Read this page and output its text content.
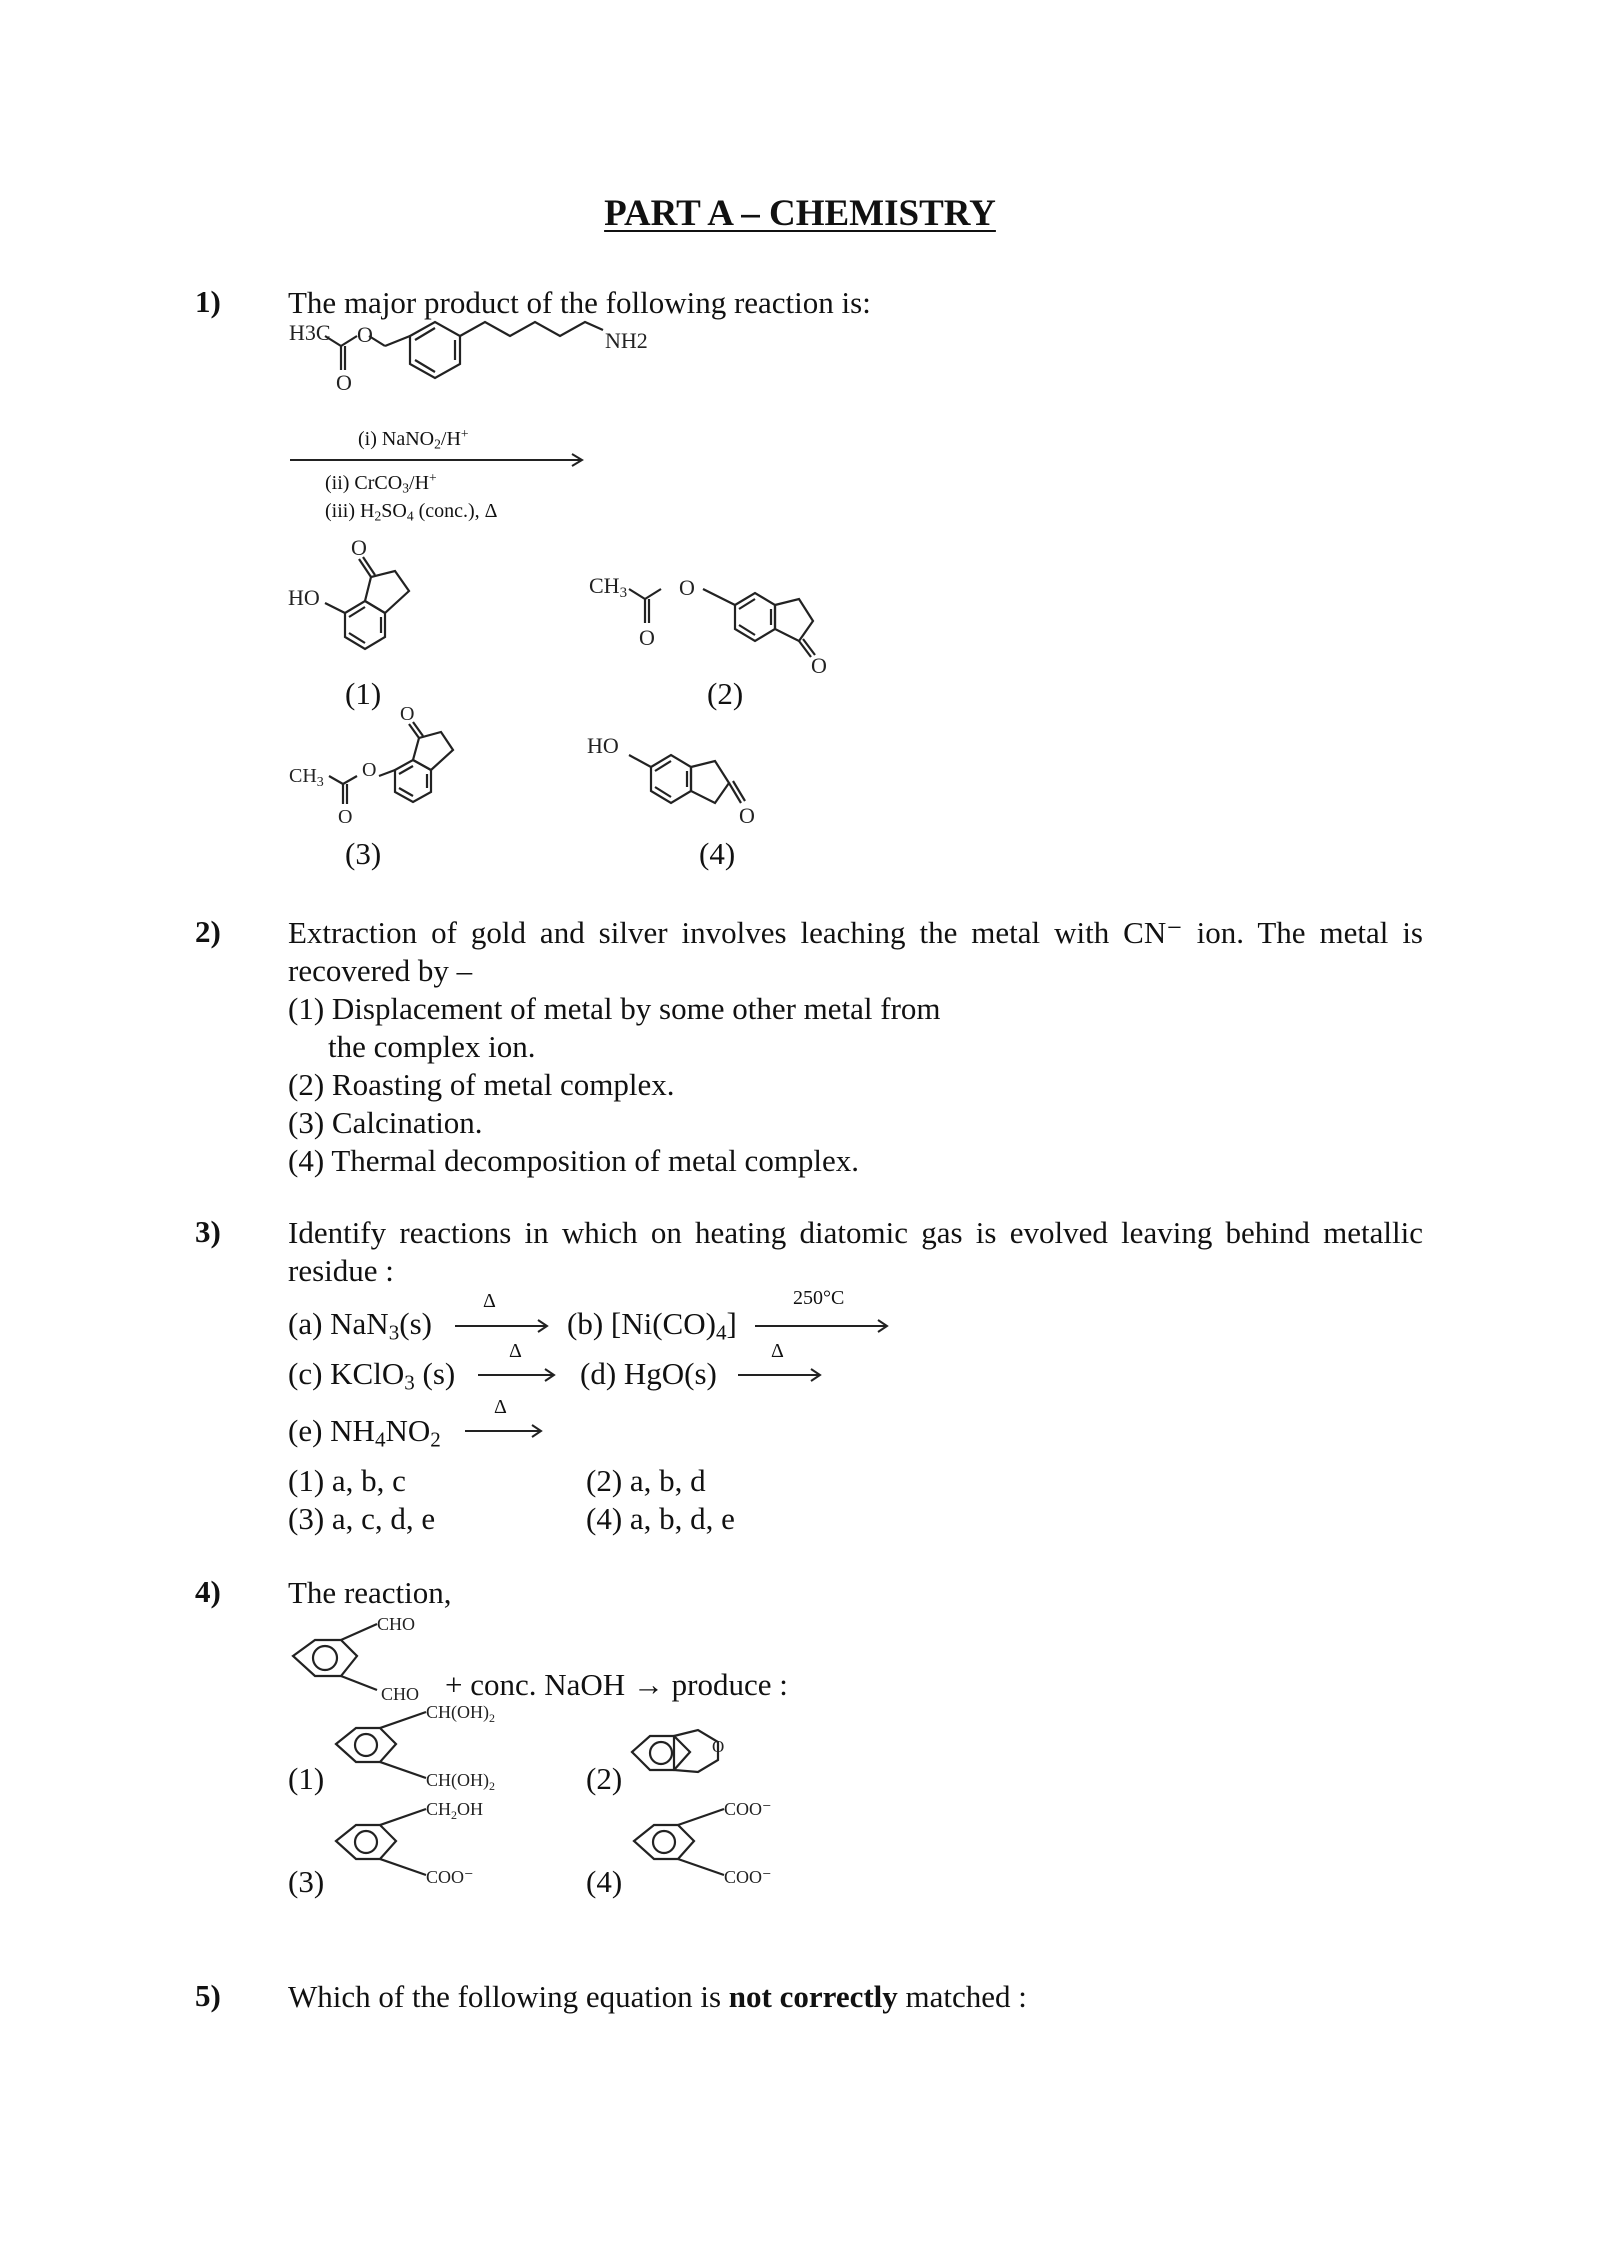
PART A – CHEMISTRY
1) The major product of the following reaction is:
H3C O
O
NH2
(i) NaNO$_2$/H+
(ii) CrCO$_3$/H+
(iii) $H_2SO_4$ (conc.), Δ
O
HO
(1)
CH3 O
O
O
(2)
$CH_3$
O
O
O
(3)
HO
O
(4)
2) Extraction of gold and silver involves leaching the metal with CN⁻ ion. The metal is
recovered by –
(1) Displacement of metal by some other metal from
the complex ion.
(2) Roasting of metal complex.
(3) Calcination.
(4) Thermal decomposition of metal complex.
3) Identify reactions in which on heating diatomic gas is evolved leaving behind metallic
residue :
(a) NaN$_3$(s)
Δ
(b) $[Ni(CO)_4]$
250°C
(c) KClO$_3$ (s)
Δ
(d) HgO(s)
Δ
(e) $NH_4NO_2$
Δ
(1) a, b, c	(2) a, b, d
(3) a, c, d, e	(4) a, b, d, e
4) The reaction,
CHO
CHO + conc. NaOH → produce :
$CH(OH)_2$
$CH(OH)_2$
(1)
O
(2)
$CH_2OH$
COO⁻
(3)
COO⁻
COO⁻
(4)
5) Which of the following equation is not correctly matched :
